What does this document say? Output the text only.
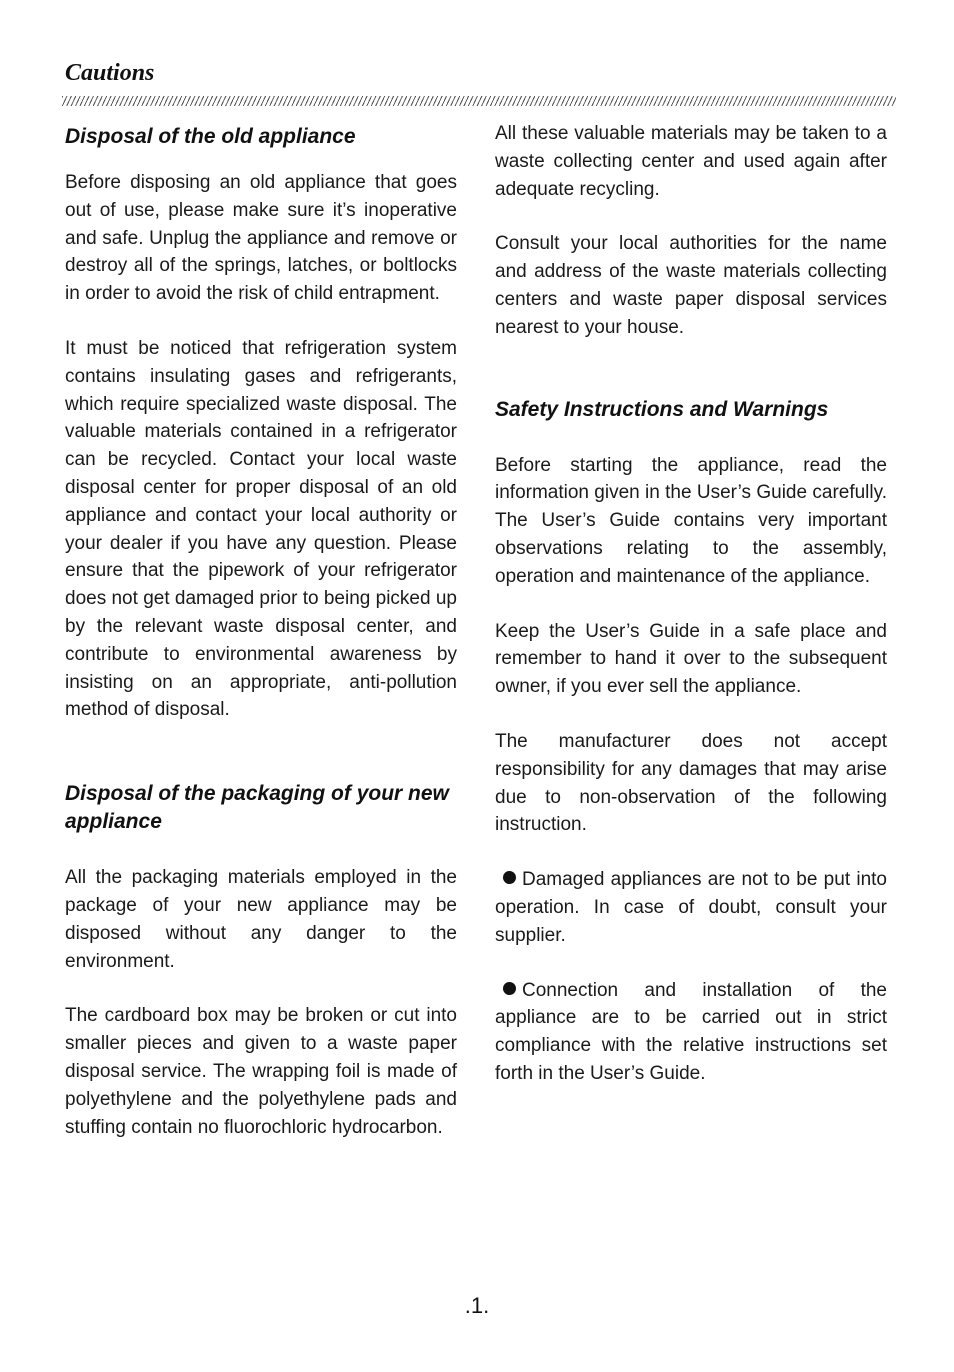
Cautions
Disposal of the old appliance

Before disposing an old appliance that goes out of use, please make sure it’s inoperative and safe. Unplug the appliance and remove or destroy all of the springs, latches, or boltlocks in order to avoid the risk of child entrapment.

It must be noticed that refrigeration system contains insulating gases and refrigerants, which require specialized waste disposal. The valuable materials contained in a refrigerator can be recycled. Contact your local waste disposal center for proper disposal of an old appliance and contact your local authority or your dealer if you have any question. Please ensure that the pipework of your refrigerator does not get damaged prior to being picked up by the relevant waste disposal center, and contribute to environmental awareness by insisting on an appropriate, anti-pollution method of disposal.

Disposal of the packaging of your new appliance

All the packaging materials employed in the package of your new appliance may be disposed without any danger to the environment.

The cardboard box may be broken or cut into smaller pieces and given to a waste paper disposal service. The wrapping foil is made of polyethylene and the polyethylene pads and stuffing contain no fluorochloric hydrocarbon.

All these valuable materials may be taken to a waste collecting center and used again after adequate recycling.

Consult your local authorities for the name and address of the waste materials collecting centers and waste paper disposal services nearest to your house.

Safety Instructions and Warnings

Before starting the appliance, read the information given in the User’s Guide carefully. The User’s Guide contains very important observations relating to the assembly, operation and maintenance of the appliance.

Keep the User’s Guide in a safe place and remember to hand it over to the subsequent owner, if you ever sell the appliance.

The manufacturer does not accept responsibility for any damages that may arise due to non-observation of the following instruction.

Damaged appliances are not to be put into operation. In case of doubt, consult your supplier.

Connection and installation of the appliance are to be carried out in strict compliance with the relative instructions set forth in the User’s Guide.

.1.
